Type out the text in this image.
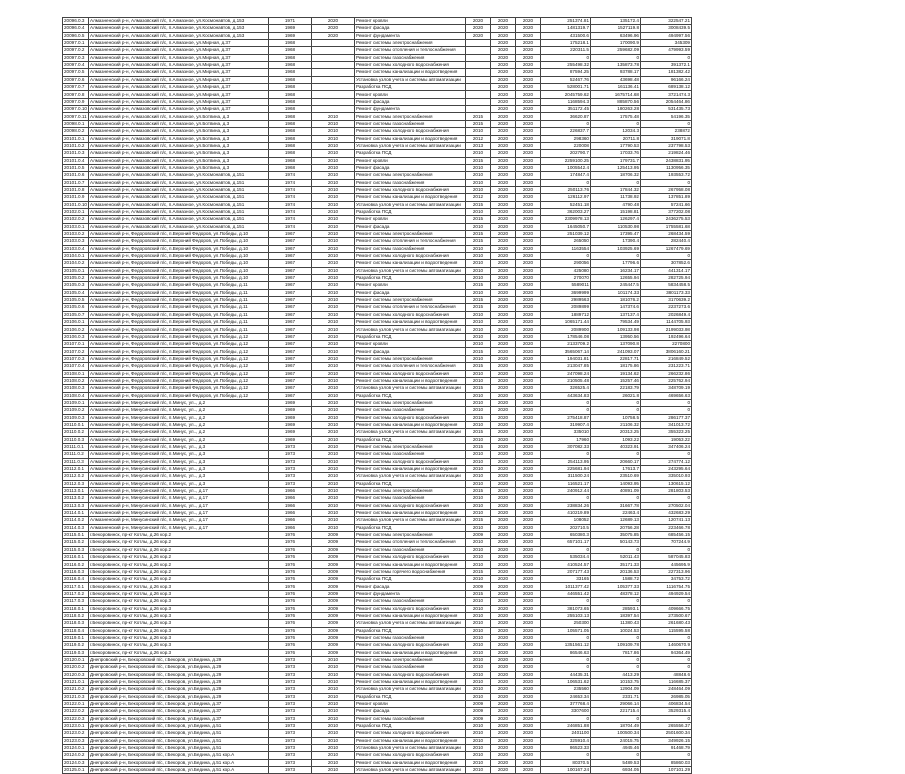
20096.0.3	Алмазненский р-н, Алмазовский п/с, п.Алмазное, ул.Космонавтов, д.153	1971	2020	Ремонт кровли	2020	2020	2020	251374.81	135172.4	322547.21
20096.0.4	Алмазненский р-н, Алмазовский п/с, п.Алмазное, ул.Космонавтов, д.153	1969	2020	Ремонт фасада	2020	2020	2020	1481319.7	1527119.8	3008439.5
20096.0.5	Алмазненский р-н, Алмазовский п/с, п.Алмазное, ул.Космонавтов, д.153	1969	2020	Ремонт фундамента	2020	2020	2020	431500.6	63496.96	494997.56
20097.0.1	Алмазненский р-н, Алмазовский п/с, п.Алмазное, ул.Мирная, д.37	1968		Ремонт системы электроснабжения		2020	2020	175218.1	170090.9	345309
20097.0.2	Алмазненский р-н, Алмазовский п/с, п.Алмазное, ул.Мирная, д.37	1968		Ремонт системы отопления и теплоснабжения		2020	2020	220311.5	259682.09	479993.59
20097.0.3	Алмазненский р-н, Алмазовский п/с, п.Алмазное, ул.Мирная, д.37	1968		Ремонт системы газоснабжения		2020	2020	0	0	0
20097.0.4	Алмазненский р-н, Алмазовский п/с, п.Алмазное, ул.Мирная, д.37	1968		Ремонт системы холодного водоснабжения		2020	2020	255498.32	135873.78	391372.1
20097.0.5	Алмазненский р-н, Алмазовский п/с, п.Алмазное, ул.Мирная, д.37	1968		Ремонт системы канализации и водоотведения		2020	2020	87594.25	93788.17	181382.42
20097.0.6	Алмазненский р-н, Алмазовский п/с, п.Алмазное, ул.Мирная, д.37	1968		Установка узлов учета и системы автоматизации		2020	2020	52467.76	43698.48	96166.24
20097.0.7	Алмазненский р-н, Алмазовский п/с, п.Алмазное, ул.Мирная, д.37	1968		Разработка ПСД		2020	2020	528001.71	161136.41	689138.12
20097.0.8	Алмазненский р-н, Алмазовский п/с, п.Алмазное, ул.Мирная, д.37	1968		Ремонт кровли		2020	2020	2045759.62	1675714.68	3721474.3
20097.0.9	Алмазненский р-н, Алмазовский п/с, п.Алмазное, ул.Мирная, д.37	1968		Ремонт фасада		2020	2020	1168594.3	885870.56	2054464.86
20097.0.10	Алмазненский р-н, Алмазовский п/с, п.Алмазное, ул.Мирная, д.37	1968		Ремонт фундамента		2020	2020	351172.45	180263.28	531435.73
20097.0.11	Алмазненский р-н, Алмазовский п/с, п.Алмазное, ул.Ботвина, д.3	1968	2010	Ремонт системы электроснабжения	2015	2020	2020	36620.87	17575.48	54196.35
20098.0.1	Алмазненский р-н, Алмазовский п/с, п.Алмазное, ул.Ботвина, д.3	1968	2010	Ремонт системы газоснабжения	2015	2020	2020	0	0	0
20098.0.2	Алмазненский р-н, Алмазовский п/с, п.Алмазное, ул.Ботвина, д.3	1968	2010	Ремонт системы холодного водоснабжения	2010	2020	2020	226837.7	12034.3	238872
20101.0.1	Алмазненский р-н, Алмазовский п/с, п.Алмазное, ул.Ботвина, д.3	1968	2010	Ремонт системы канализации и водоотведения	2012	2020	2020	298360	20711.8	319071.8
20101.0.2	Алмазненский р-н, Алмазовский п/с, п.Алмазное, ул.Ботвина, д.3	1968	2010	Установка узлов учета и системы автоматизации	2013	2020	2020	220008	17790.53	237798.53
20101.0.3	Алмазненский р-н, Алмазовский п/с, п.Алмазное, ул.Ботвина, д.3	1968	2010	Разработка ПСД	2010	2020	2020	202790.7	17033.76	219824.46
20101.0.4	Алмазненский р-н, Алмазовский п/с, п.Алмазное, ул.Ботвина, д.3	1968	2010	Ремонт кровли	2015	2020	2020	2259100.25	179731.7	2438831.95
20101.0.5	Алмазненский р-н, Алмазовский п/с, п.Алмазное, ул.Ботвина, д.3	1968	2010	Ремонт фасада	2010	2020	2020	1005542.4	125413.95	1130956.35
20101.0.6	Алмазненский р-н, Алмазовский п/с, п.Алмазное, ул.Космонавтов, д.151	1974	2010	Ремонт системы электроснабжения	2010	2020	2020	174847.4	18706.32	193553.72
20101.0.7	Алмазненский р-н, Алмазовский п/с, п.Алмазное, ул.Космонавтов, д.151	1974	2010	Ремонт системы газоснабжения	2010	2020	2020	0	0	0
20101.0.8	Алмазненский р-н, Алмазовский п/с, п.Алмазное, ул.Космонавтов, д.151	1974	2010	Ремонт системы холодного водоснабжения	2010	2020	2020	250113.76	17844.32	267958.08
20101.0.9	Алмазненский р-н, Алмазовский п/с, п.Алмазное, ул.Космонавтов, д.151	1974	2010	Ремонт системы канализации и водоотведения	2012	2020	2020	126112.97	11738.92	137851.89
20101.0.10	Алмазненский р-н, Алмазовский п/с, п.Алмазное, ул.Космонавтов, д.151	1974	2010	Установка узлов учета и системы автоматизации	2015	2020	2020	52451.18	4790.48	57241.66
20102.0.1	Алмазненский р-н, Алмазовский п/с, п.Алмазное, ул.Космонавтов, д.151	1974	2010	Разработка ПСД	2010	2020	2020	362003.27	15198.81	377202.08
20102.0.2	Алмазненский р-н, Алмазовский п/с, п.Алмазное, ул.Космонавтов, д.151	1974	2010	Ремонт кровли	2015	2020	2020	2309978.13	126297.4	2436275.53
20103.0.1	Алмазненский р-н, Алмазовский п/с, п.Алмазное, ул.Космонавтов, д.151	1974	2010	Ремонт фасада	2010	2020	2020	1645050.7	110530.98	1755581.68
20103.0.2	Алмазненский р-н, Федоровский п/с, п.Верхний Федоров, ул.Победы, д.10	1967	2010	Ремонт системы электроснабжения	2015	2020	2020	251039.12	17395.47	268434.59
20103.0.3	Алмазненский р-н, Федоровский п/с, п.Верхний Федоров, ул.Победы, д.10	1967	2010	Ремонт системы отопления и теплоснабжения	2015	2020	2020	265050	17390.4	282440.4
20103.0.4	Алмазненский р-н, Федоровский п/с, п.Верхний Федоров, ул.Победы, д.10	1967	2010	Ремонт системы газоснабжения	2010	2020	2020	1163554	103925.69	1267479.69
20104.0.1	Алмазненский р-н, Федоровский п/с, п.Верхний Федоров, ул.Победы, д.10	1967	2010	Ремонт системы холодного водоснабжения	2010	2020	2020	0	0	0
20104.0.2	Алмазненский р-н, Федоровский п/с, п.Верхний Федоров, ул.Победы, д.10	1967	2010	Ремонт системы канализации и водоотведения	2010	2020	2020	290056	17796.6	307852.6
20105.0.1	Алмазненский р-н, Федоровский п/с, п.Верхний Федоров, ул.Победы, д.10	1967	2010	Установка узлов учета и системы автоматизации	2010	2020	2020	425080	16234.17	441314.17
20105.0.2	Алмазненский р-н, Федоровский п/с, п.Верхний Федоров, ул.Победы, д.10	1967	2010	Разработка ПСД	2010	2020	2020	270070	12655.94	282725.94
20105.0.3	Алмазненский р-н, Федоровский п/с, п.Верхний Федоров, ул.Победы, д.11	1967	2010	Ремонт кровли	2015	2020	2020	5589011	245447.5	5834458.5
20105.0.4	Алмазненский р-н, Федоровский п/с, п.Верхний Федоров, ул.Победы, д.11	1967	2010	Ремонт фасада	2010	2020	2020	3699999	101174.33	3801173.33
20105.0.5	Алмазненский р-н, Федоровский п/с, п.Верхний Федоров, ул.Победы, д.11	1967	2010	Ремонт системы электроснабжения	2015	2020	2020	2989563	181076.2	3170639.2
20105.0.6	Алмазненский р-н, Федоровский п/с, п.Верхний Федоров, ул.Победы, д.11	1967	2010	Ремонт системы отопления и теплоснабжения	2015	2020	2020	2089899	147374.6	2237273.6
20105.0.7	Алмазненский р-н, Федоровский п/с, п.Верхний Федоров, ул.Победы, д.11	1967	2010	Ремонт системы холодного водоснабжения	2010	2020	2020	1889712	137137.4	2026849.4
20106.0.1	Алмазненский р-н, Федоровский п/с, п.Верхний Федоров, ул.Победы, д.11	1967	2010	Ремонт системы канализации и водоотведения	2010	2020	2020	1065171.44	79534.49	1144705.93
20106.0.2	Алмазненский р-н, Федоровский п/с, п.Верхний Федоров, ул.Победы, д.11	1967	2010	Установка узлов учета и системы автоматизации	2010	2020	2020	2089900	109133.98	2199033.98
20106.0.3	Алмазненский р-н, Федоровский п/с, п.Верхний Федоров, ул.Победы, д.12	1967	2010	Разработка ПСД	2010	2020	2020	178546.08	13950.56	192496.64
20107.0.1	Алмазненский р-н, Федоровский п/с, п.Верхний Федоров, ул.Победы, д.12	1967	2010	Ремонт кровли	2010	2020	2020	2133709.2	137090.8	2270800
20107.0.2	Алмазненский р-н, Федоровский п/с, п.Верхний Федоров, ул.Победы, д.12	1967	2010	Ремонт фасада	2015	2020	2020	3565067.14	241093.07	3806160.21
20107.0.3	Алмазненский р-н, Федоровский п/с, п.Верхний Федоров, ул.Победы, д.12	1967	2010	Ремонт системы электроснабжения	2010	2020	2020	194031.81	22817.71	216849.52
20107.0.4	Алмазненский р-н, Федоровский п/с, п.Верхний Федоров, ул.Победы, д.12	1967	2010	Ремонт системы отопления и теплоснабжения	2015	2020	2020	213047.85	18175.86	231223.71
20108.0.1	Алмазненский р-н, Федоровский п/с, п.Верхний Федоров, ул.Победы, д.12	1967	2010	Ремонт системы холодного водоснабжения	2010	2020	2020	247098.24	19134.62	266232.86
20108.0.2	Алмазненский р-н, Федоровский п/с, п.Верхний Федоров, ул.Победы, д.12	1967	2010	Ремонт системы канализации и водоотведения	2010	2020	2020	210505.48	15257.46	225762.94
20108.0.3	Алмазненский р-н, Федоровский п/с, п.Верхний Федоров, ул.Победы, д.12	1967	2010	Установка узлов учета и системы автоматизации	2015	2020	2020	326525.4	22183.79	348709.19
20108.0.4	Алмазненский р-н, Федоровский п/с, п.Верхний Федоров, ул.Победы, д.12	1967	2010	Разработка ПСД	2010	2020	2020	443634.83	26021.8	469656.63
20109.0.1	Алмазненский р-н, Минусинский п/с, п.Минус, ул.., д.2	1969	2010	Ремонт системы электроснабжения	2010	2020	2020	0	0	0
20109.0.2	Алмазненский р-н, Минусинский п/с, п.Минус, ул.., д.2	1969	2010	Ремонт системы газоснабжения	2010	2020	2020	0	0	0
20109.0.3	Алмазненский р-н, Минусинский п/с, п.Минус, ул.., д.2	1969	2010	Ремонт системы холодного водоснабжения	2015	2020	2020	275418.87	10758.5	286177.37
20110.0.1	Алмазненский р-н, Минусинский п/с, п.Минус, ул.., д.2	1969	2010	Ремонт системы канализации и водоотведения	2010	2020	2020	319907.4	21106.32	341013.72
20110.0.2	Алмазненский р-н, Минусинский п/с, п.Минус, ул.., д.2	1969	2010	Установка узлов учета и системы автоматизации	2015	2020	2020	335010	20313.25	355323.25
20110.0.3	Алмазненский р-н, Минусинский п/с, п.Минус, ул.., д.2	1969	2010	Разработка ПСД	2010	2020	2020	17960	1093.22	19053.22
20111.0.1	Алмазненский р-н, Минусинский п/с, п.Минус, ул.., д.3	1973	2010	Ремонт системы электроснабжения	2015	2020	2020	307082.33	40323.91	347406.24
20111.0.2	Алмазненский р-н, Минусинский п/с, п.Минус, ул.., д.3	1973	2010	Ремонт системы газоснабжения	2010	2020	2020	0	0	0
20111.0.3	Алмазненский р-н, Минусинский п/с, п.Минус, ул.., д.3	1973	2010	Ремонт системы холодного водоснабжения	2010	2020	2020	254113.95	20660.17	274774.12
20112.0.1	Алмазненский р-н, Минусинский п/с, п.Минус, ул.., д.3	1973	2010	Ремонт системы канализации и водоотведения	2010	2020	2020	225681.94	17613.7	243295.64
20112.0.2	Алмазненский р-н, Минусинский п/с, п.Минус, ул.., д.3	1973	2010	Установка узлов учета и системы автоматизации	2010	2020	2020	311500.24	23510.69	335010.93
20112.0.3	Алмазненский р-н, Минусинский п/с, п.Минус, ул.., д.3	1973	2010	Разработка ПСД	2010	2020	2020	116521.17	14093.95	130615.12
20113.0.1	Алмазненский р-н, Минусинский п/с, п.Минус, ул.., д.17	1966	2010	Ремонт системы электроснабжения	2015	2020	2020	240912.44	40891.09	281803.53
20113.0.2	Алмазненский р-н, Минусинский п/с, п.Минус, ул.., д.17	1966	2010	Ремонт системы газоснабжения	2010	2020	2020	0	0	0
20113.0.3	Алмазненский р-н, Минусинский п/с, п.Минус, ул.., д.17	1966	2010	Ремонт системы холодного водоснабжения	2010	2020	2020	238834.26	31667.78	270502.04
20114.0.1	Алмазненский р-н, Минусинский п/с, п.Минус, ул.., д.17	1966	2010	Ремонт системы канализации и водоотведения	2010	2020	2020	410219.89	22463.4	432683.29
20114.0.2	Алмазненский р-н, Минусинский п/с, п.Минус, ул.., д.17	1966	2010	Установка узлов учета и системы автоматизации	2015	2020	2020	108052	12689.13	120741.13
20114.0.3	Алмазненский р-н, Минусинский п/с, п.Минус, ул.., д.17	1966	2010	Разработка ПСД	2010	2020	2020	202710.5	20756.28	223466.78
20115.0.1	г.Бекоровинск, пр-кт Котлы, д.26 кор.2	1976	2009	Ремонт системы электроснабжения	2009	2020	2020	650380.3	35075.85	685456.15
20115.0.2	г.Бекоровинск, пр-кт Котлы, д.26 кор.2	1976	2009	Ремонт системы отопления и теплоснабжения	2010	2020	2020	657101.17	50143.73	707244.9
20115.0.3	г.Бекоровинск, пр-кт Котлы, д.26 кор.2	1976	2009	Ремонт системы газоснабжения	2010	2020	2020	0	0	0
20116.0.1	г.Бекоровинск, пр-кт Котлы, д.26 кор.2	1976	2009	Ремонт системы холодного водоснабжения	2010	2020	2020	535034.4	52011.43	587045.83
20116.0.2	г.Бекоровинск, пр-кт Котлы, д.26 кор.2	1976	2009	Ремонт системы канализации и водоотведения	2010	2020	2020	410524.57	35171.33	445695.9
20116.0.3	г.Бекоровинск, пр-кт Котлы, д.26 кор.2	1976	2009	Ремонт системы горячего водоснабжения	2015	2020	2020	207177.43	20136.53	227313.96
20116.0.4	г.Бекоровинск, пр-кт Котлы, д.26 кор.2	1976	2009	Разработка ПСД	2010	2020	2020	33165	1588.72	34753.72
20117.0.1	г.Бекоровинск, пр-кт Котлы, д.26 кор.3	1976	2009	Ремонт фасада	2009	2020	2020	1011377.42	105377.33	1116754.75
20117.0.2	г.Бекоровинск, пр-кт Котлы, д.26 кор.3	1976	2009	Ремонт фундамента	2015	2020	2020	446551.42	48378.12	494929.54
20117.0.3	г.Бекоровинск, пр-кт Котлы, д.26 кор.3	1976	2009	Ремонт системы газоснабжения	2010	2020	2020	0	0	0
20118.0.1	г.Бекоровинск, пр-кт Котлы, д.26 кор.3	1976	2009	Ремонт системы холодного водоснабжения	2010	2020	2020	381073.65	28593.1	409666.75
20118.0.2	г.Бекоровинск, пр-кт Котлы, д.26 кор.3	1976	2009	Ремонт системы канализации и водоотведения	2010	2020	2020	255103.13	18397.54	273500.67
20118.0.3	г.Бекоровинск, пр-кт Котлы, д.26 кор.3	1976	2009	Установка узлов учета и системы автоматизации	2010	2020	2020	250300	11380.43	261680.43
20118.0.4	г.Бекоровинск, пр-кт Котлы, д.26 кор.3	1976	2009	Разработка ПСД	2010	2020	2020	105571.05	10024.53	115595.58
20119.0.1	г.Бекоровинск, пр-кт Котлы, д.26 кор.3	1976	2009	Ремонт системы газоснабжения	2010	2020	2020	0	0	0
20119.0.2	г.Бекоровинск, пр-кт Котлы, д.26 кор.3	1976	2009	Ремонт системы холодного водоснабжения	2010	2020	2020	1351561.12	109109.78	1460670.9
20119.0.3	г.Бекоровинск, пр-кт Котлы, д.26 кор.3	1976	2009	Ремонт системы канализации и водоотведения	2010	2020	2020	86546.63	7817.86	94364.49
20120.0.1	Днепровский р-н, Бекоровский п/с, г.Бекоров, ул.Бедина, д.29	1973	2010	Ремонт системы электроснабжения	2010	2020	2020	0	0	0
20120.0.2	Днепровский р-н, Бекоровский п/с, г.Бекоров, ул.Бедина, д.29	1973	2010	Ремонт системы газоснабжения	2010	2020	2020	0	0	0
20120.0.3	Днепровский р-н, Бекоровский п/с, г.Бекоров, ул.Бедина, д.29	1973	2010	Ремонт системы холодного водоснабжения	2010	2020	2020	44435.31	4413.29	48848.6
20121.0.1	Днепровский р-н, Бекоровский п/с, г.Бекоров, ул.Бедина, д.29	1973	2010	Ремонт системы канализации и водоотведения	2010	2020	2020	106531.62	10153.75	116685.37
20121.0.2	Днепровский р-н, Бекоровский п/с, г.Бекоров, ул.Бедина, д.29	1973	2010	Установка узлов учета и системы автоматизации	2010	2020	2020	235560	12904.09	248464.09
20121.0.3	Днепровский р-н, Бекоровский п/с, г.Бекоров, ул.Бедина, д.29	1973	2010	Разработка ПСД	2010	2020	2020	24653.34	2331.71	26985.05
20122.0.1	Днепровский р-н, Бекоровский п/с, г.Бекоров, ул.Бедина, д.37	1973	2010	Ремонт кровли	2009	2020	2020	377768.4	29066.14	406834.54
20122.0.2	Днепровский р-н, Бекоровский п/с, г.Бекоров, ул.Бедина, д.37	1973	2010	Ремонт фасада	2009	2020	2020	3307600	221715.4	3529315.4
20122.0.3	Днепровский р-н, Бекоровский п/с, г.Бекоров, ул.Бедина, д.37	1973	2010	Ремонт системы газоснабжения	2009	2020	2020	0	0	0
20123.0.1	Днепровский р-н, Бекоровский п/с, г.Бекоров, ул.Бедина, д.51	1973	2010	Разработка ПСД	2010	2020	2020	246851.88	18704.49	265556.37
20123.0.2	Днепровский р-н, Бекоровский п/с, г.Бекоров, ул.Бедина, д.51	1973	2010	Ремонт системы холодного водоснабжения	2010	2020	2020	2401100	100500.34	2501600.34
20123.0.3	Днепровский р-н, Бекоровский п/с, г.Бекоров, ул.Бедина, д.51	1973	2010	Ремонт системы канализации и водоотведения	2010	2020	2020	325910.4	24015.75	349926.15
20124.0.1	Днепровский р-н, Бекоровский п/с, г.Бекоров, ул.Бедина, д.51	1973	2010	Установка узлов учета и системы автоматизации	2010	2020	2020	86523.33	4945.46	91468.79
20124.0.2	Днепровский р-н, Бекоровский п/с, г.Бекоров, ул.Бедина, д.51 кор.А	1973	2010	Ремонт системы холодного водоснабжения	2010	2020	2020	0	0	0
20124.0.3	Днепровский р-н, Бекоровский п/с, г.Бекоров, ул.Бедина, д.51 кор.А	1973	2010	Ремонт системы канализации и водоотведения	2010	2020	2020	80370.5	5489.53	85860.03
20125.0.1	Днепровский р-н, Бекоровский п/с, г.Бекоров, ул.Бедина, д.51 кор.А	1973	2010	Установка узлов учета и системы автоматизации	2010	2020	2020	100167.24	6934.05	107101.29
